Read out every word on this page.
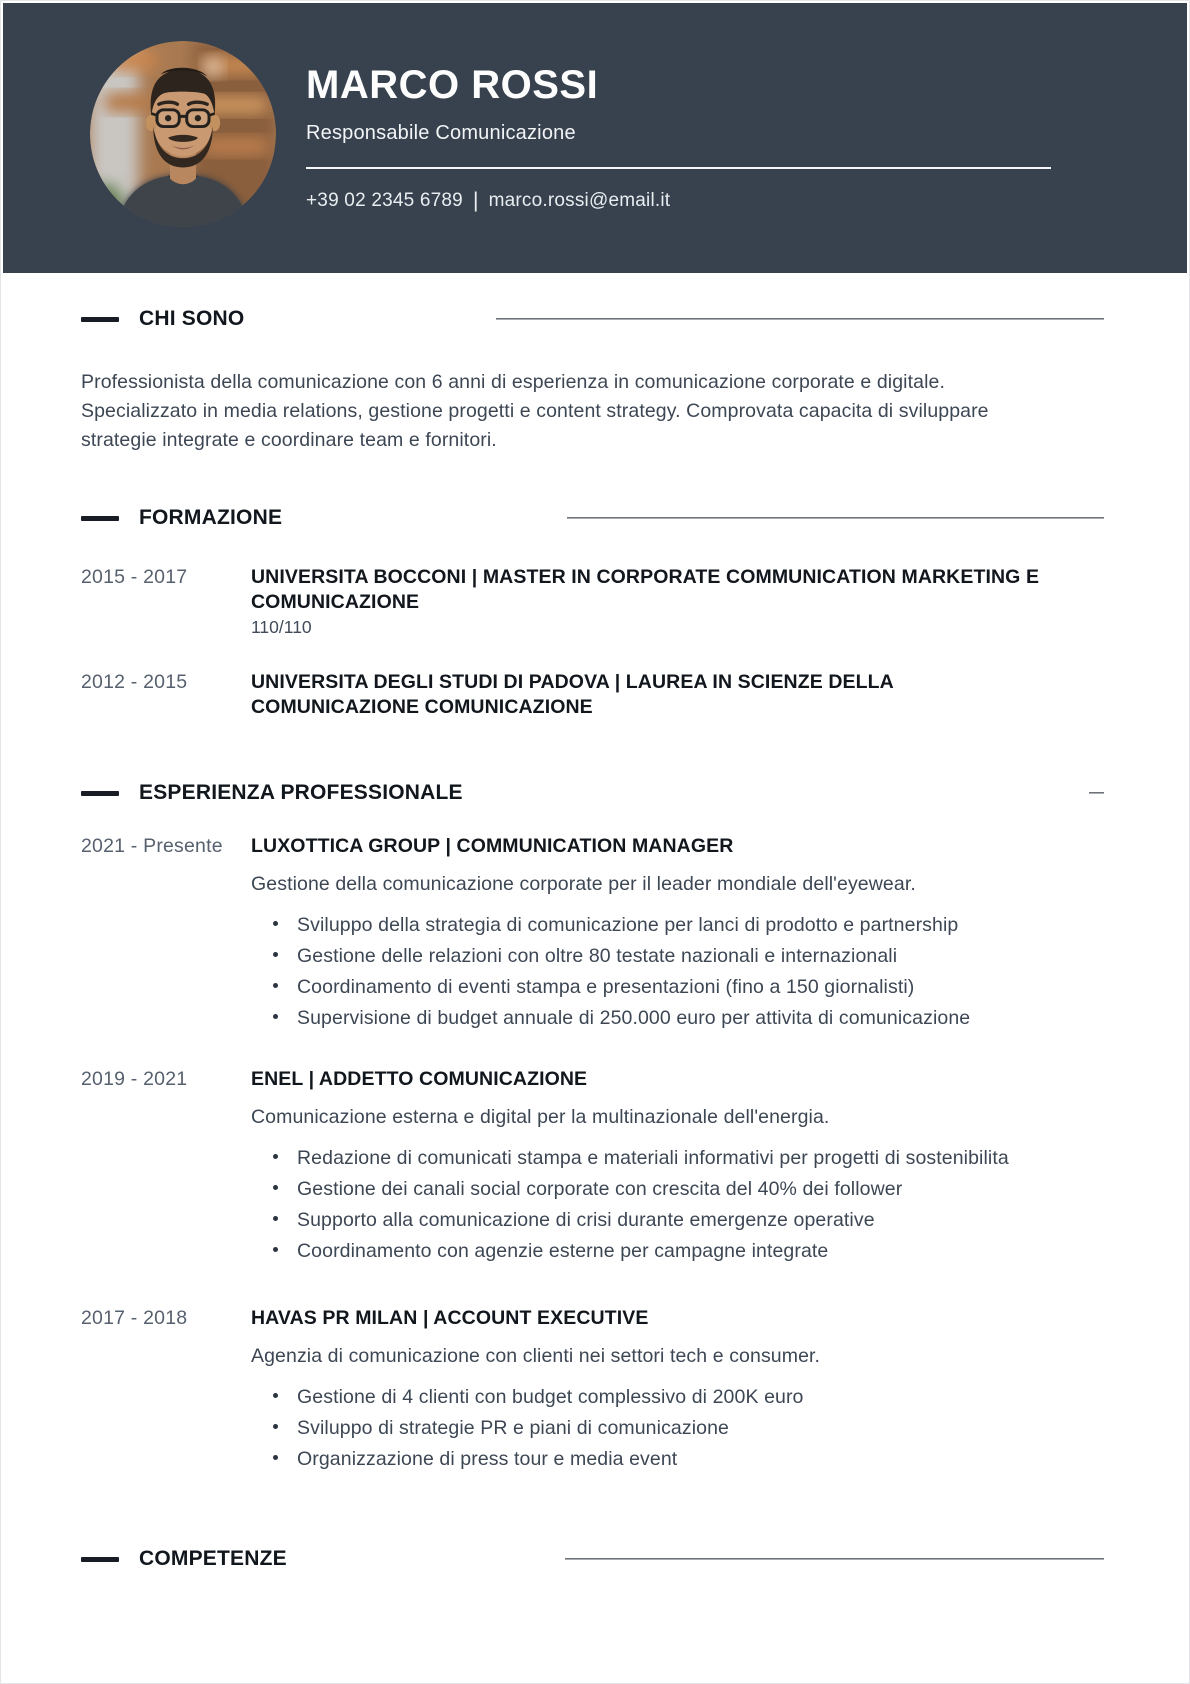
MARCO ROSSI
Responsabile Comunicazione
+39 02 2345 6789 | marco.rossi@email.it
CHI SONO

Professionista della comunicazione con 6 anni di esperienza in comunicazione corporate e digitale. Specializzato in media relations, gestione progetti e content strategy. Comprovata capacita di sviluppare strategie integrate e coordinare team e fornitori.

FORMAZIONE
2015 - 2017	UNIVERSITA BOCCONI | MASTER IN CORPORATE COMMUNICATION MARKETING E COMUNICAZIONE
110/110
2012 - 2015	UNIVERSITA DEGLI STUDI DI PADOVA | LAUREA IN SCIENZE DELLA COMUNICAZIONE COMUNICAZIONE
ESPERIENZA PROFESSIONALE
2021 - Presente	LUXOTTICA GROUP | COMMUNICATION MANAGER
Gestione della comunicazione corporate per il leader mondiale dell'eyewear.
Sviluppo della strategia di comunicazione per lanci di prodotto e partnership
Gestione delle relazioni con oltre 80 testate nazionali e internazionali
Coordinamento di eventi stampa e presentazioni (fino a 150 giornalisti)
Supervisione di budget annuale di 250.000 euro per attivita di comunicazione
2019 - 2021	ENEL | ADDETTO COMUNICAZIONE
Comunicazione esterna e digital per la multinazionale dell'energia.
Redazione di comunicati stampa e materiali informativi per progetti di sostenibilita
Gestione dei canali social corporate con crescita del 40% dei follower
Supporto alla comunicazione di crisi durante emergenze operative
Coordinamento con agenzie esterne per campagne integrate
2017 - 2018	HAVAS PR MILAN | ACCOUNT EXECUTIVE
Agenzia di comunicazione con clienti nei settori tech e consumer.
Gestione di 4 clienti con budget complessivo di 200K euro
Sviluppo di strategie PR e piani di comunicazione
Organizzazione di press tour e media event
COMPETENZE
